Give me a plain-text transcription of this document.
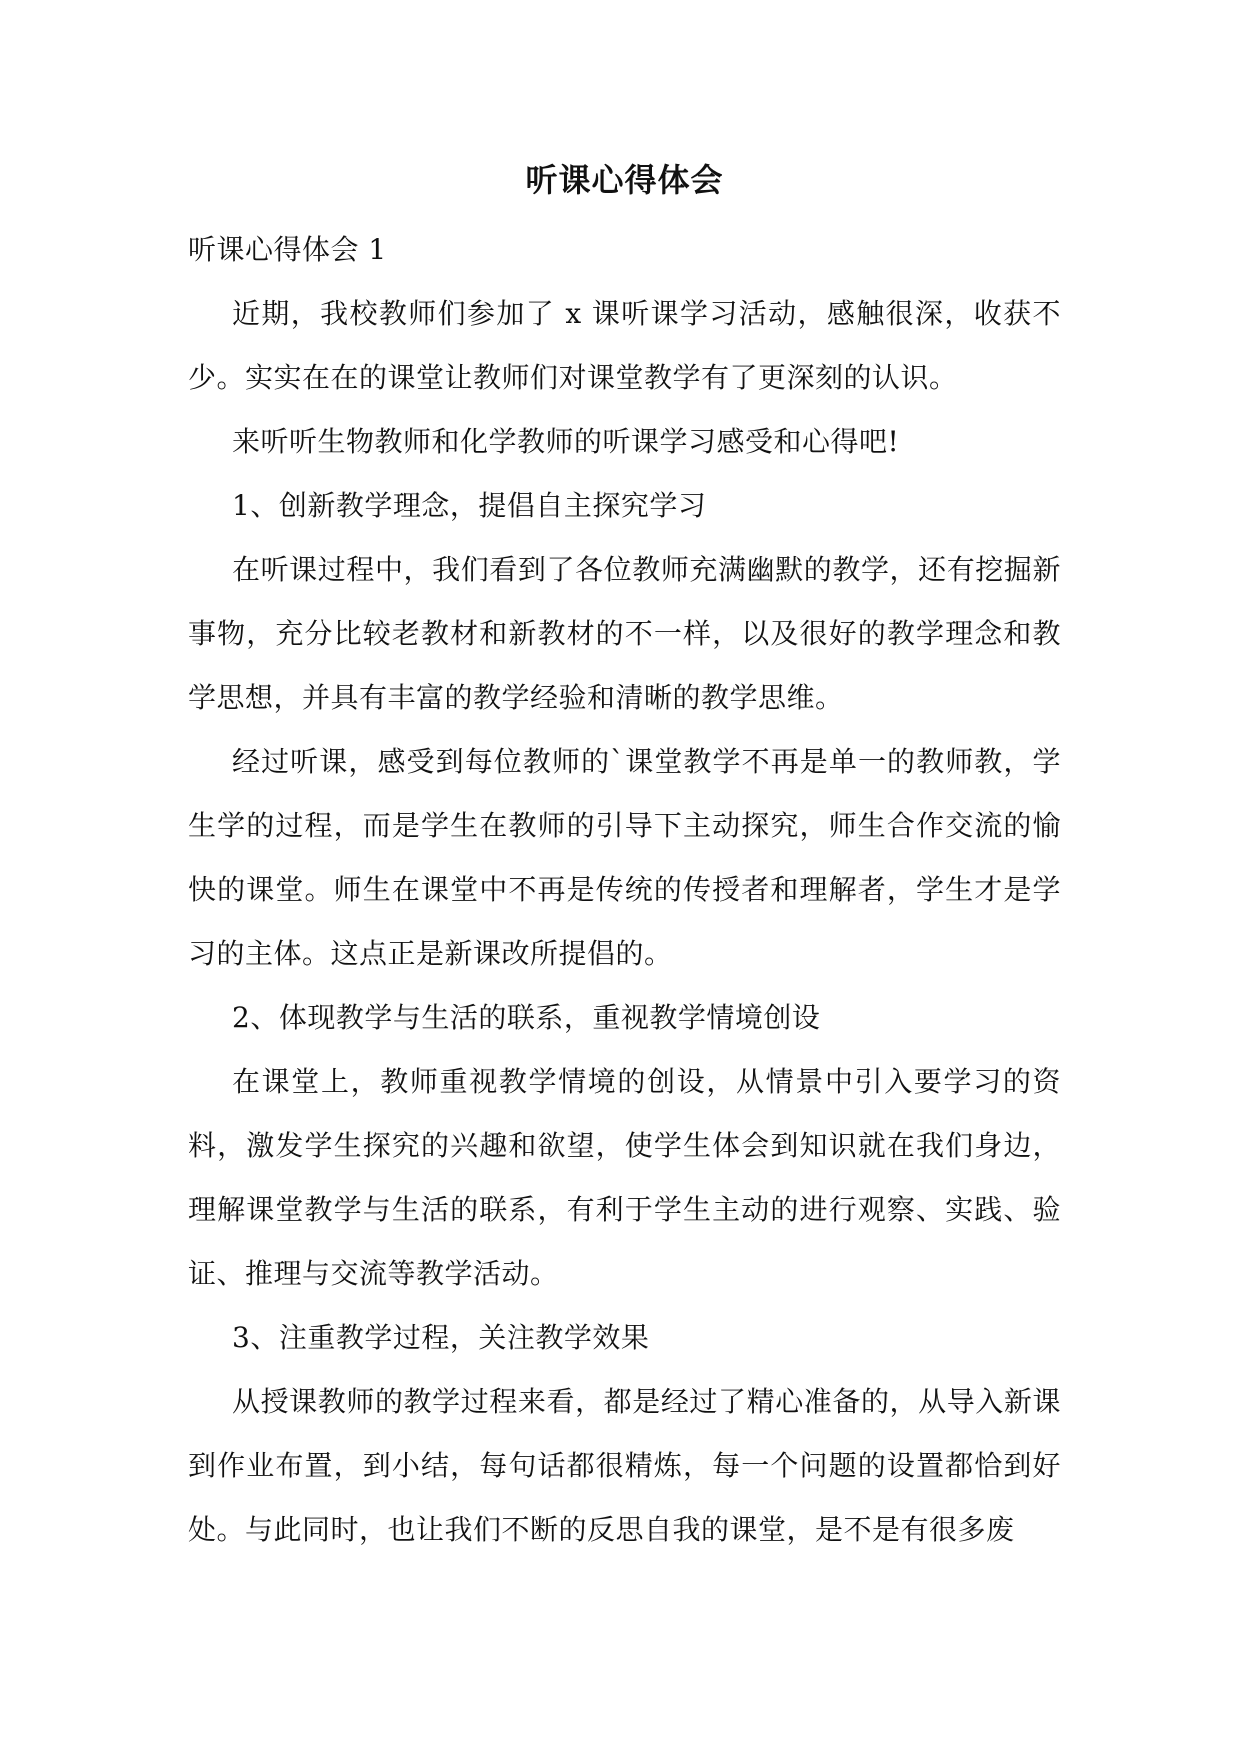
听课心得体会

听课心得体会 1

近期，我校教师们参加了 x 课听课学习活动，感触很深，收获不少。实实在在的课堂让教师们对课堂教学有了更深刻的认识。

来听听生物教师和化学教师的听课学习感受和心得吧!

1、创新教学理念，提倡自主探究学习

在听课过程中，我们看到了各位教师充满幽默的教学，还有挖掘新事物，充分比较老教材和新教材的不一样，以及很好的教学理念和教学思想，并具有丰富的教学经验和清晰的教学思维。

经过听课，感受到每位教师的`课堂教学不再是单一的教师教，学生学的过程，而是学生在教师的引导下主动探究，师生合作交流的愉快的课堂。师生在课堂中不再是传统的传授者和理解者，学生才是学习的主体。这点正是新课改所提倡的。

2、体现教学与生活的联系，重视教学情境创设

在课堂上，教师重视教学情境的创设，从情景中引入要学习的资料，激发学生探究的兴趣和欲望，使学生体会到知识就在我们身边，理解课堂教学与生活的联系，有利于学生主动的进行观察、实践、验证、推理与交流等教学活动。

3、注重教学过程，关注教学效果

从授课教师的教学过程来看，都是经过了精心准备的，从导入新课到作业布置，到小结，每句话都很精炼，每一个问题的设置都恰到好处。与此同时，也让我们不断的反思自我的课堂，是不是有很多废
